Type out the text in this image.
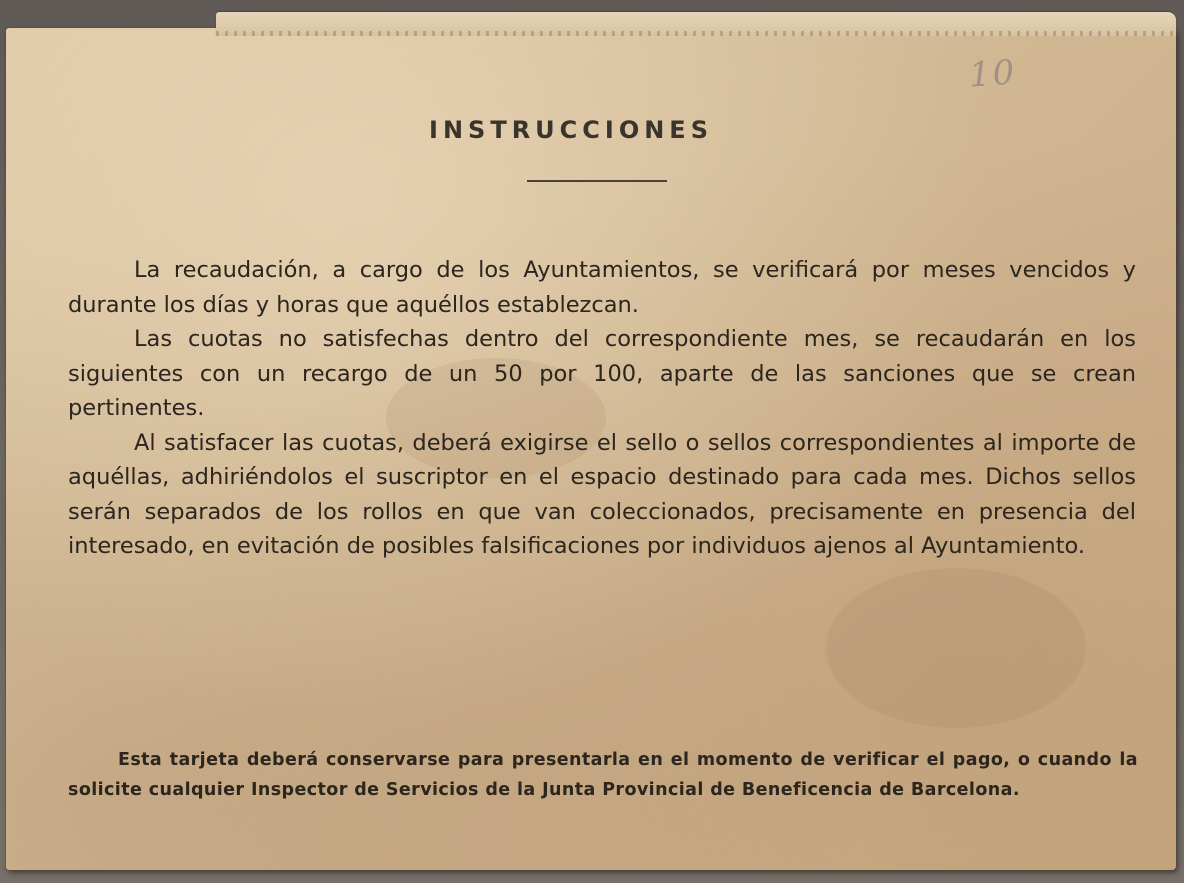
10

INSTRUCCIONES

La recaudación, a cargo de los Ayuntamientos, se verificará por meses vencidos y durante los días y horas que aquéllos establezcan.

Las cuotas no satisfechas dentro del correspondiente mes, se recaudarán en los siguientes con un recargo de un 50 por 100, aparte de las sanciones que se crean pertinentes.

Al satisfacer las cuotas, deberá exigirse el sello o sellos correspondientes al importe de aquéllas, adhiriéndolos el suscriptor en el espacio destinado para cada mes. Dichos sellos serán separados de los rollos en que van coleccionados, precisamente en presencia del interesado, en evitación de posibles falsificaciones por individuos ajenos al Ayuntamiento.

Esta tarjeta deberá conservarse para presentarla en el momento de verificar el pago, o cuando la solicite cualquier Inspector de Servicios de la Junta Provincial de Beneficencia de Barcelona.
